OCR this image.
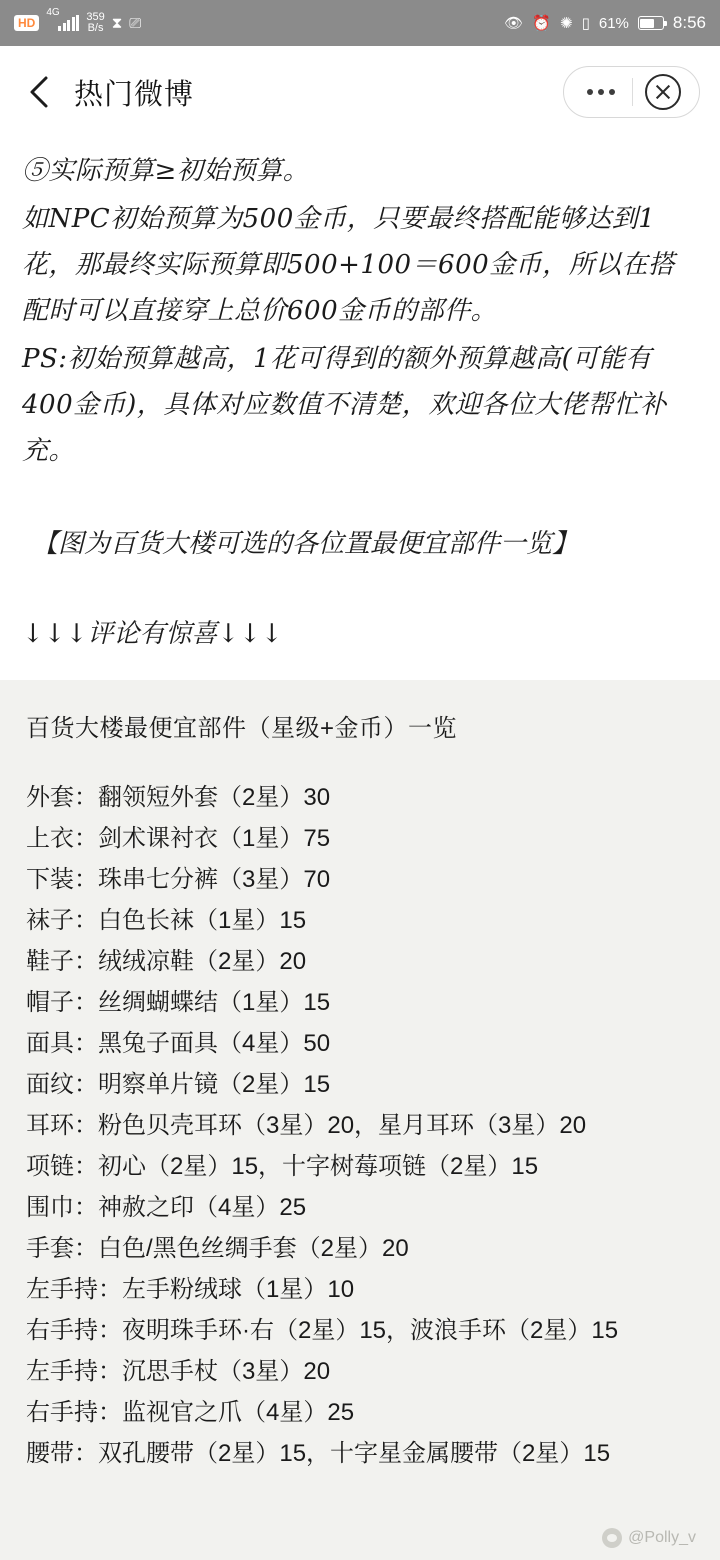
HD
4G 359
B/s ⧗ ⎚	👁 ⏰ ✺ ▯ 61%	8:56
热门微博
⑤实际预算≥初始预算。
如NPC初始预算为500金币，只要最终搭配能够达到1花，那最终实际预算即500+100＝600金币，所以在搭配时可以直接穿上总价600金币的部件。
PS:初始预算越高，1花可得到的额外预算越高(可能有400金币)，具体对应数值不清楚，欢迎各位大佬帮忙补充。
【图为百货大楼可选的各位置最便宜部件一览】
↓↓↓评论有惊喜↓↓↓
百货大楼最便宜部件（星级+金币）一览
外套：翻领短外套（2星）30
上衣：剑术课衬衣（1星）75
下装：珠串七分裤（3星）70
袜子：白色长袜（1星）15
鞋子：绒绒凉鞋（2星）20
帽子：丝绸蝴蝶结（1星）15
面具：黑兔子面具（4星）50
面纹：明察单片镜（2星）15
耳环：粉色贝壳耳环（3星）20，星月耳环（3星）20
项链：初心（2星）15，十字树莓项链（2星）15
围巾：神赦之印（4星）25
手套：白色/黑色丝绸手套（2星）20
左手持：左手粉绒球（1星）10
右手持：夜明珠手环·右（2星）15，波浪手环（2星）15
左手持：沉思手杖（3星）20
右手持：监视官之爪（4星）25
腰带：双孔腰带（2星）15，十字星金属腰带（2星）15
@Polly_v
